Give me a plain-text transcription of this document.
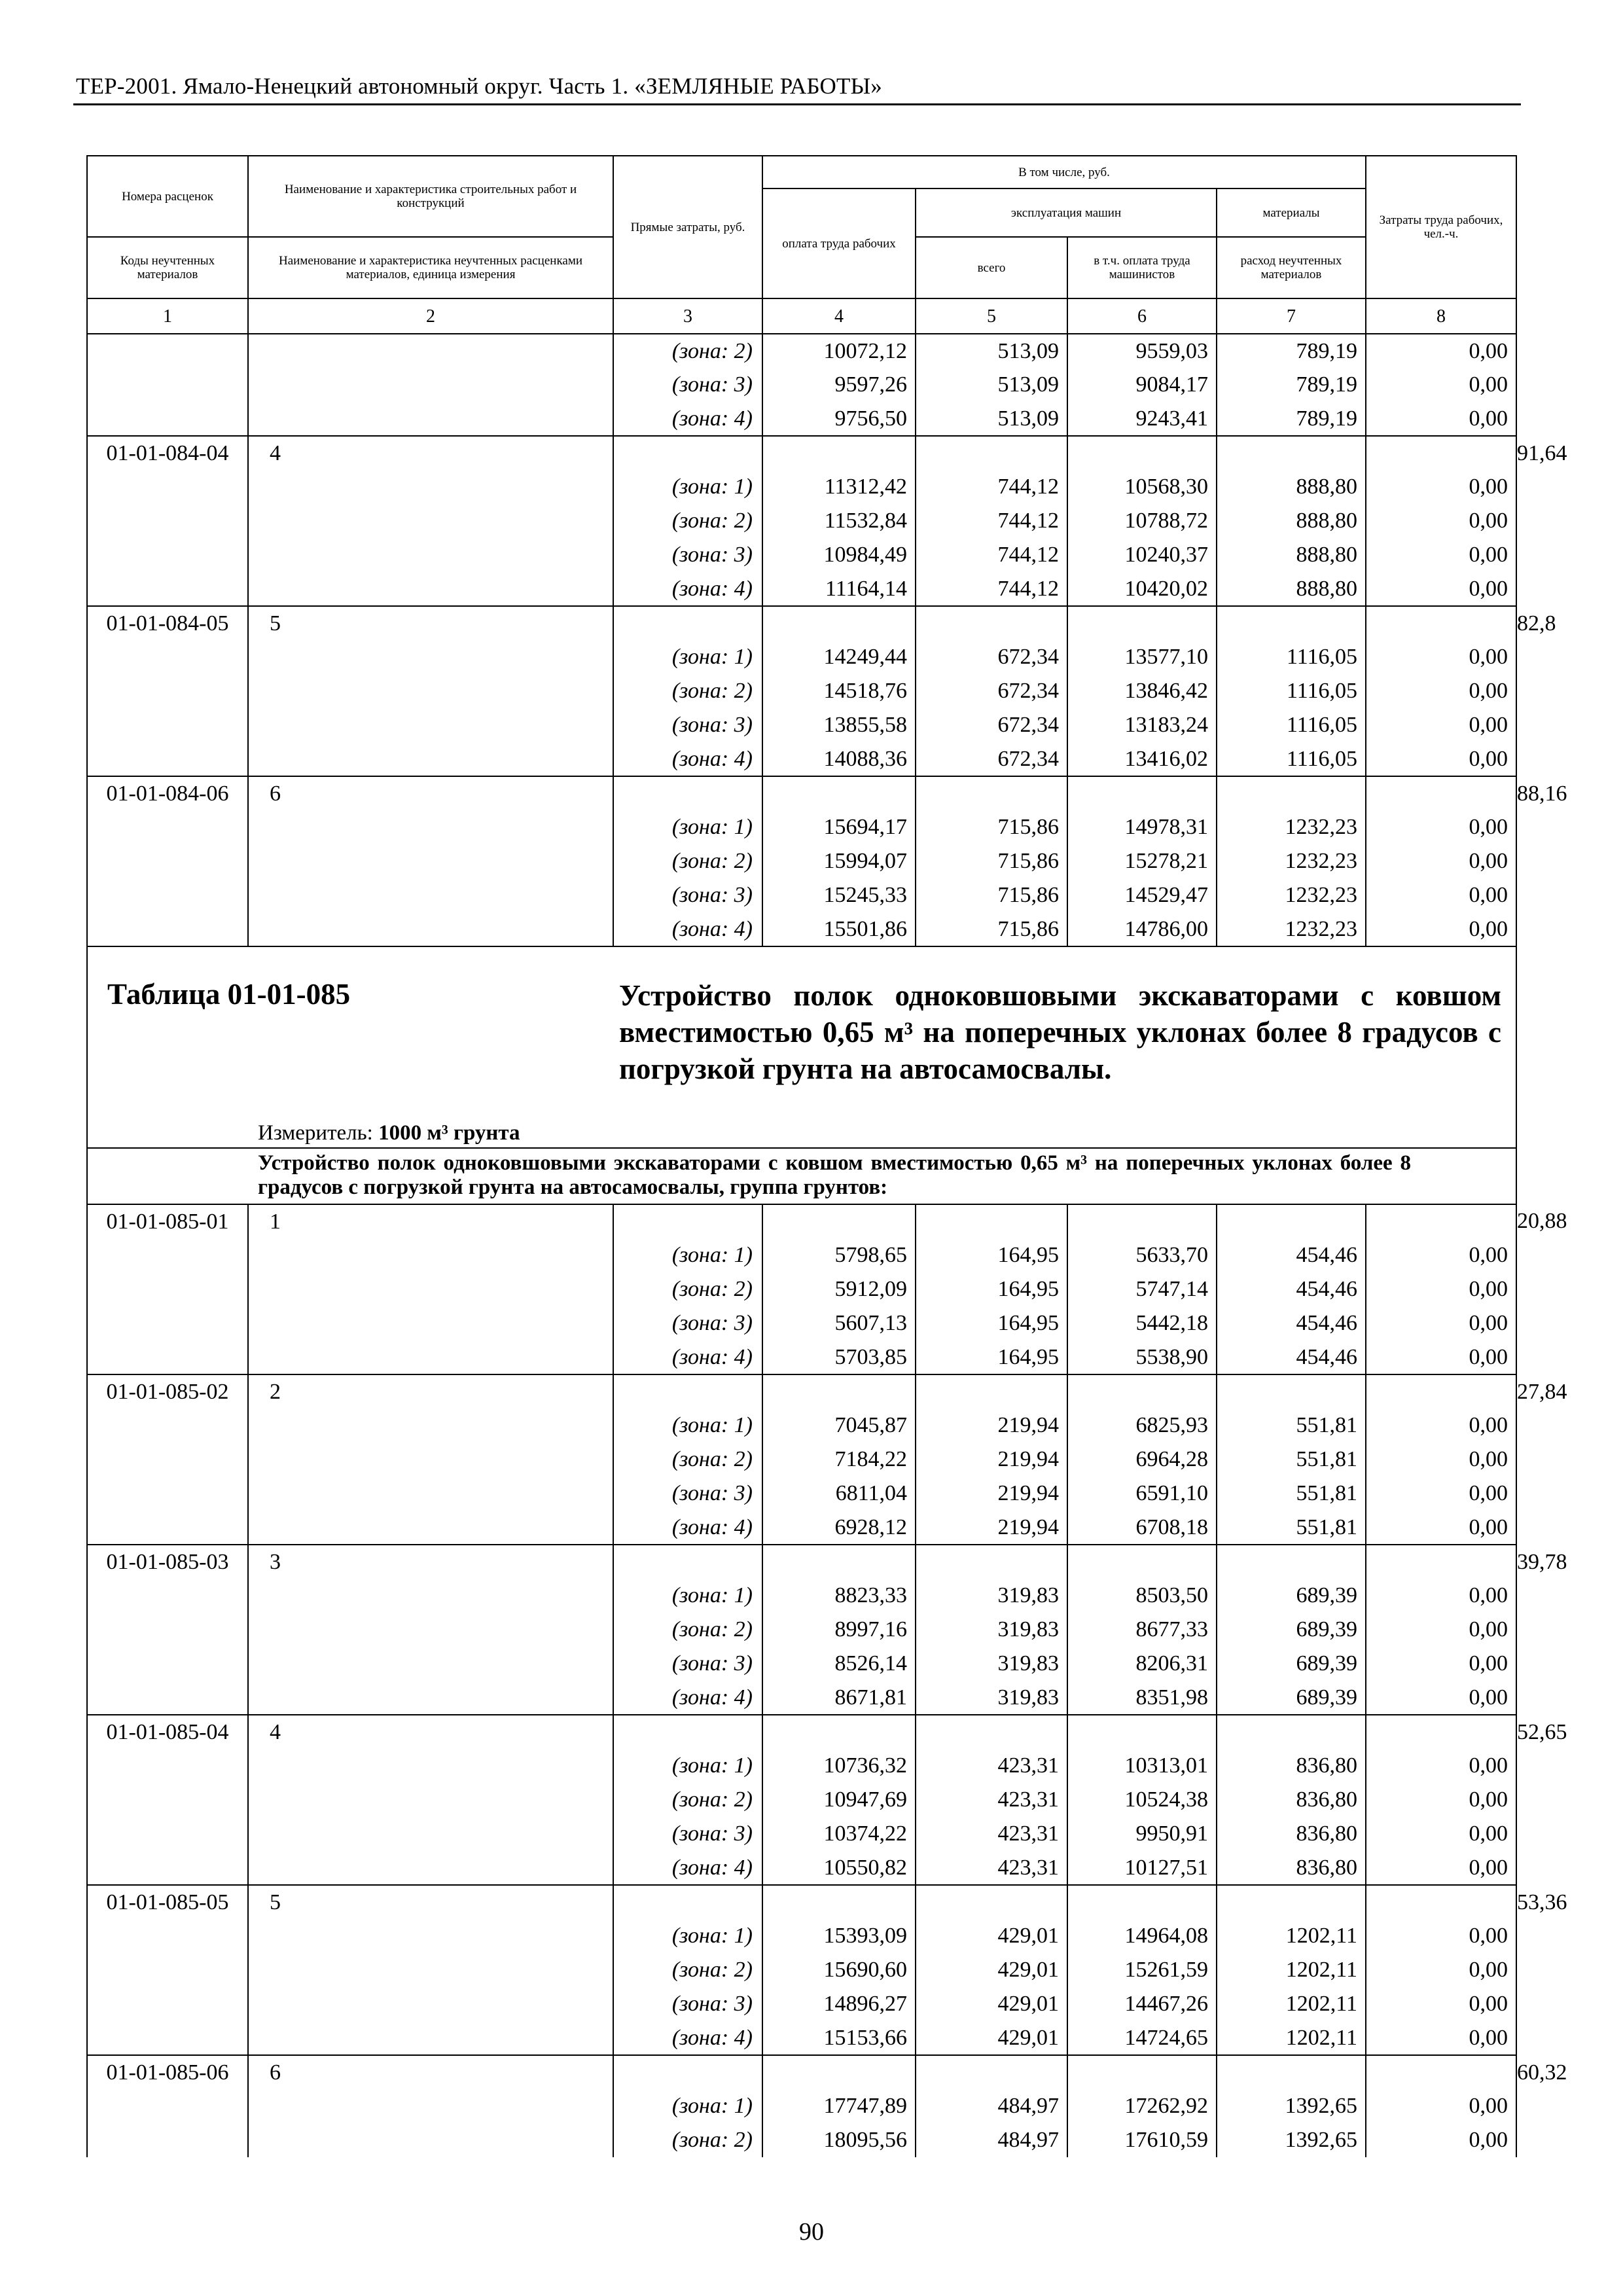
ТЕР-2001. Ямало-Ненецкий автономный округ. Часть 1. «ЗЕМЛЯНЫЕ РАБОТЫ»
Номера расценок	Наименование и характеристика строительных работ и конструкций	Прямые затраты, руб.	В том числе, руб.				Затраты труда рабочих, чел.-ч.	
			оплата труда рабочих	эксплуатация машин		материалы		
Коды неучтенных материалов	Наименование и характеристика неучтенных расценками материалов, единица измерения			всего	в т.ч. оплата труда машинистов	расход неучтенных материалов		
1	2	3	4	5	6	7	8	
		(зона: 2)	10072,12	513,09	9559,03	789,19	0,00	
		(зона: 3)	9597,26	513,09	9084,17	789,19	0,00	
		(зона: 4)	9756,50	513,09	9243,41	789,19	0,00	
01-01-084-04	4							91,64
		(зона: 1)	11312,42	744,12	10568,30	888,80	0,00	
		(зона: 2)	11532,84	744,12	10788,72	888,80	0,00	
		(зона: 3)	10984,49	744,12	10240,37	888,80	0,00	
		(зона: 4)	11164,14	744,12	10420,02	888,80	0,00	
01-01-084-05	5							82,8
		(зона: 1)	14249,44	672,34	13577,10	1116,05	0,00	
		(зона: 2)	14518,76	672,34	13846,42	1116,05	0,00	
		(зона: 3)	13855,58	672,34	13183,24	1116,05	0,00	
		(зона: 4)	14088,36	672,34	13416,02	1116,05	0,00	
01-01-084-06	6							88,16
		(зона: 1)	15694,17	715,86	14978,31	1232,23	0,00	
		(зона: 2)	15994,07	715,86	15278,21	1232,23	0,00	
		(зона: 3)	15245,33	715,86	14529,47	1232,23	0,00	
		(зона: 4)	15501,86	715,86	14786,00	1232,23	0,00	

Таблица 01-01-085 Устройство полок одноковшовыми экскаваторами с ковшом вместимостью 0,65 м³ на поперечных уклонах более 8 градусов с погрузкой грунта на автосамосвалы.
Измеритель: 1000 м³ грунта								

Устройство полок одноковшовыми экскаваторами с ковшом вместимостью 0,65 м³ на поперечных уклонах более 8 градусов с погрузкой грунта на автосамосвалы, группа грунтов:								
01-01-085-01	1							20,88
		(зона: 1)	5798,65	164,95	5633,70	454,46	0,00	
		(зона: 2)	5912,09	164,95	5747,14	454,46	0,00	
		(зона: 3)	5607,13	164,95	5442,18	454,46	0,00	
		(зона: 4)	5703,85	164,95	5538,90	454,46	0,00	
01-01-085-02	2							27,84
		(зона: 1)	7045,87	219,94	6825,93	551,81	0,00	
		(зона: 2)	7184,22	219,94	6964,28	551,81	0,00	
		(зона: 3)	6811,04	219,94	6591,10	551,81	0,00	
		(зона: 4)	6928,12	219,94	6708,18	551,81	0,00	
01-01-085-03	3							39,78
		(зона: 1)	8823,33	319,83	8503,50	689,39	0,00	
		(зона: 2)	8997,16	319,83	8677,33	689,39	0,00	
		(зона: 3)	8526,14	319,83	8206,31	689,39	0,00	
		(зона: 4)	8671,81	319,83	8351,98	689,39	0,00	
01-01-085-04	4							52,65
		(зона: 1)	10736,32	423,31	10313,01	836,80	0,00	
		(зона: 2)	10947,69	423,31	10524,38	836,80	0,00	
		(зона: 3)	10374,22	423,31	9950,91	836,80	0,00	
		(зона: 4)	10550,82	423,31	10127,51	836,80	0,00	
01-01-085-05	5							53,36
		(зона: 1)	15393,09	429,01	14964,08	1202,11	0,00	
		(зона: 2)	15690,60	429,01	15261,59	1202,11	0,00	
		(зона: 3)	14896,27	429,01	14467,26	1202,11	0,00	
		(зона: 4)	15153,66	429,01	14724,65	1202,11	0,00	
01-01-085-06	6							60,32
		(зона: 1)	17747,89	484,97	17262,92	1392,65	0,00	
		(зона: 2)	18095,56	484,97	17610,59	1392,65	0,00	
90
